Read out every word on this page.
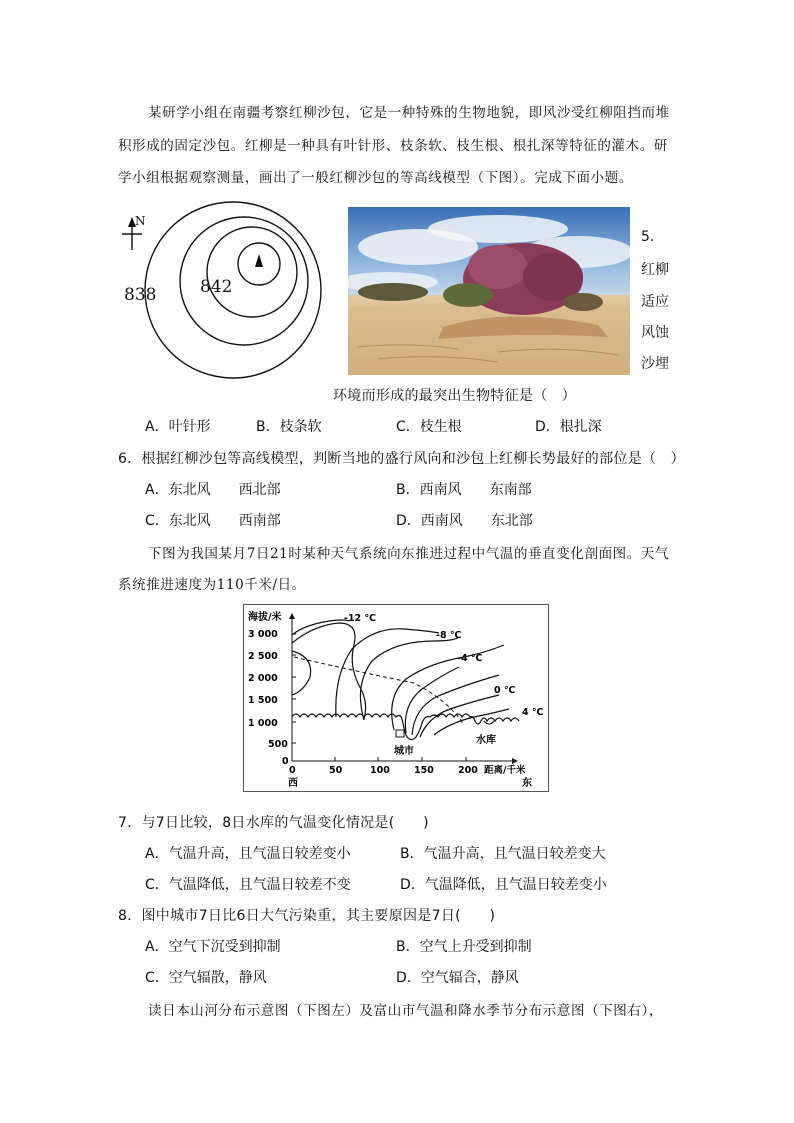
某研学小组在南疆考察红柳沙包，它是一种特殊的生物地貌，即风沙受红柳阻挡而堆
积形成的固定沙包。红柳是一种具有叶针形、枝条软、枝生根、根扎深等特征的灌木。研
学小组根据观察测量，画出了一般红柳沙包的等高线模型（下图）。完成下面小题。
N
838	842
5.
红柳
适应
风蚀
沙埋
环境而形成的最突出生物特征是（　）
A．叶针形	B．枝条软	C．枝生根	D．根扎深
6．根据红柳沙包等高线模型，判断当地的盛行风向和沙包上红柳长势最好的部位是（　）
A．东北风　　西北部	B．西南风　　东南部
C．东北风　　西南部	D．西南风　　东北部
下图为我国某月7日21时某种天气系统向东推进过程中气温的垂直变化剖面图。天气
系统推进速度为110千米/日。
海拔/米
3 000
2 500
2 000
1 500
1 000
500
0
0	50	100	150	200 距离/千米
西	东
-12 ℃
-8 ℃
-4 ℃
0 ℃
4 ℃
城市
水库
7．与7日比较，8日水库的气温变化情况是(　　)
A．气温升高，且气温日较差变小	B．气温升高，且气温日较差变大
C．气温降低，且气温日较差不变	D．气温降低，且气温日较差变小
8．图中城市7日比6日大气污染重，其主要原因是7日(　　)
A．空气下沉受到抑制	B．空气上升受到抑制
C．空气辐散，静风	D．空气辐合，静风
读日本山河分布示意图（下图左）及富山市气温和降水季节分布示意图（下图右），
